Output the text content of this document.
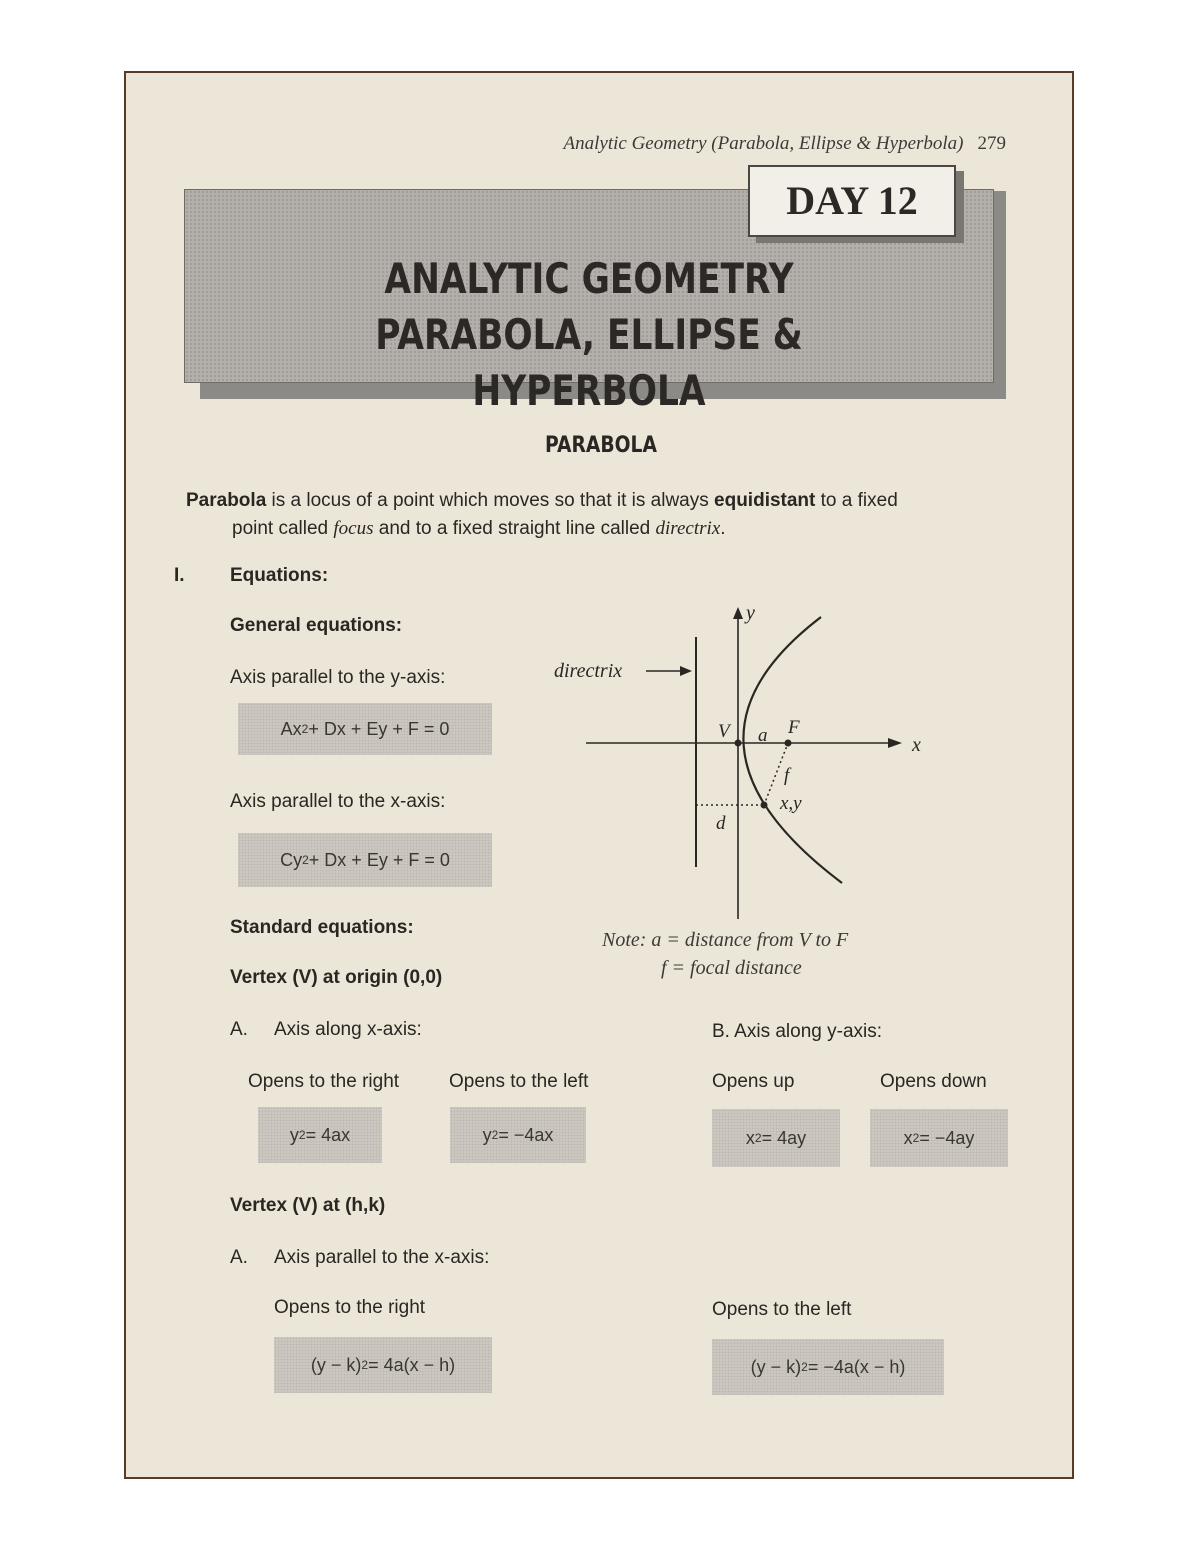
Analytic Geometry (Parabola, Ellipse & Hyperbola) 279
DAY 12
ANALYTIC GEOMETRY
PARABOLA, ELLIPSE & HYPERBOLA
PARABOLA
Parabola is a locus of a point which moves so that it is always equidistant to a fixed
point called focus and to a fixed straight line called directrix.
I. Equations:
General equations:
Axis parallel to the y-axis:
Ax 2 + Dx + Ey + F = 0
Axis parallel to the x-axis:
Cy 2 + Dx + Ey + F = 0
Standard equations:
Vertex (V) at origin (0,0)
A. Axis along x-axis:	B. Axis along y-axis:
Opens to the right	Opens to the left	Opens up	Opens down
y 2 = 4ax	y 2 = −4ax	x 2 = 4ay	x 2 = −4ay
Vertex (V) at (h,k)
A. Axis parallel to the x-axis:
Opens to the right	Opens to the left
(y − k) 2 = 4a(x − h)	(y − k) 2 = −4a(x − h)
directrix
y
x
V a F
f
x,y
d
Note: a = distance from V to F
f = focal distance
